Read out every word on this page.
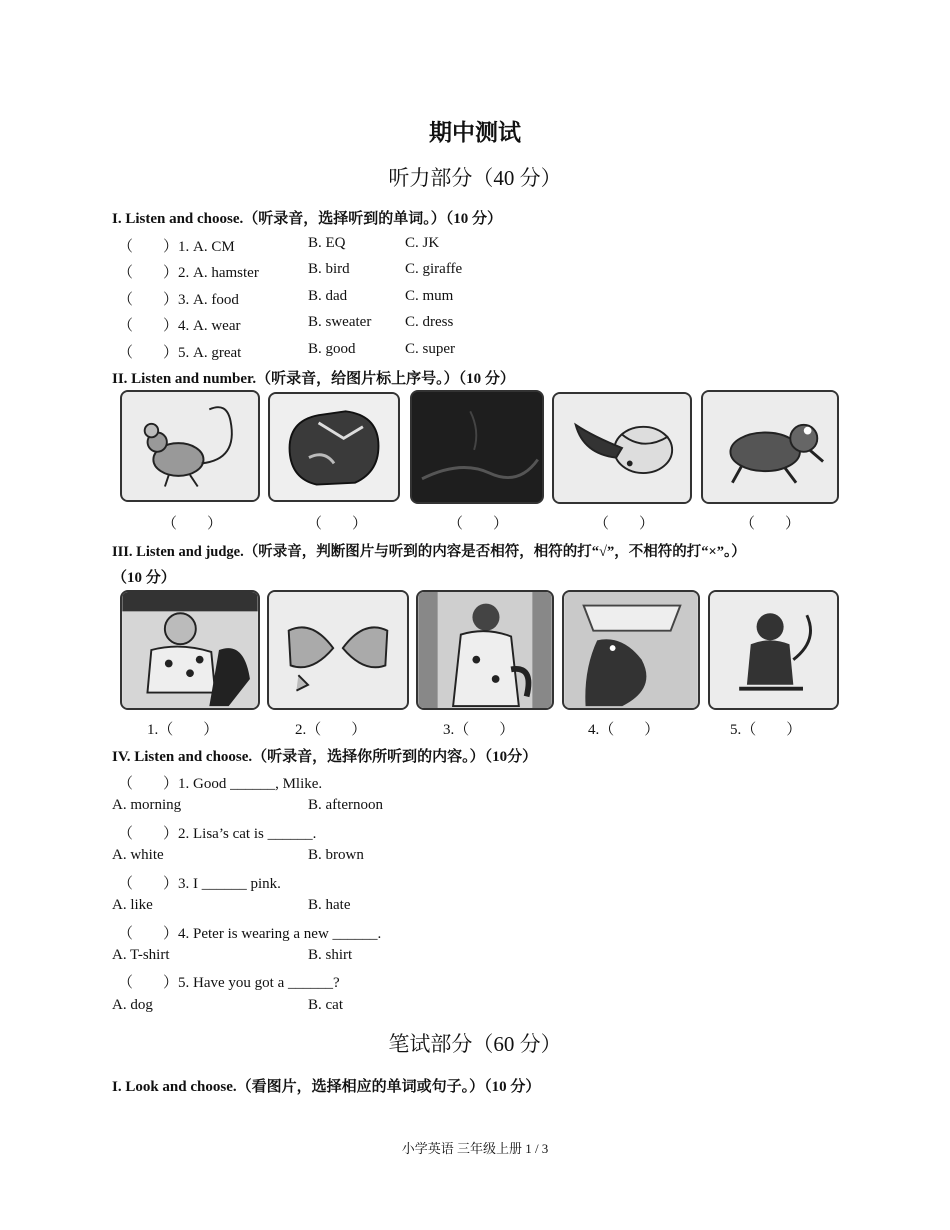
期中测试
听力部分（40 分）
I. Listen and choose.（听录音，选择听到的单词。）（10 分）
（　　）1. A. CM	B. EQ	C. JK
（　　）2. A. hamster	B. bird	C. giraffe
（　　）3. A. food	B. dad	C. mum
（　　）4. A. wear	B. sweater C. dress
（　　）5. A. great	B. good	C. super
II. Listen and number.（听录音，给图片标上序号。）（10 分）
（　　）	（　　）	（　　）	（　　）	（　　）
III. Listen and judge.（听录音，判断图片与听到的内容是否相符，相符的打“√”，不相符的打“×”。）
（10 分）
1.（　　）	2.（　　）	3.（　　）	4.（　　）	5.（　　）
IV. Listen and choose.（听录音，选择你所听到的内容。）（10分）
（　　）1. Good ______, Mlike.
A. morning	B. afternoon
（　　）2. Lisa’s cat is ______.
A. white	B. brown
（　　）3. I ______ pink.
A. like	B. hate
（　　）4. Peter is wearing a new ______.
A. T-shirt	B. shirt
（　　）5. Have you got a ______?
A. dog	B. cat
笔试部分（60 分）
I. Look and choose.（看图片，选择相应的单词或句子。）（10 分）
小学英语 三年级上册 1 / 3
